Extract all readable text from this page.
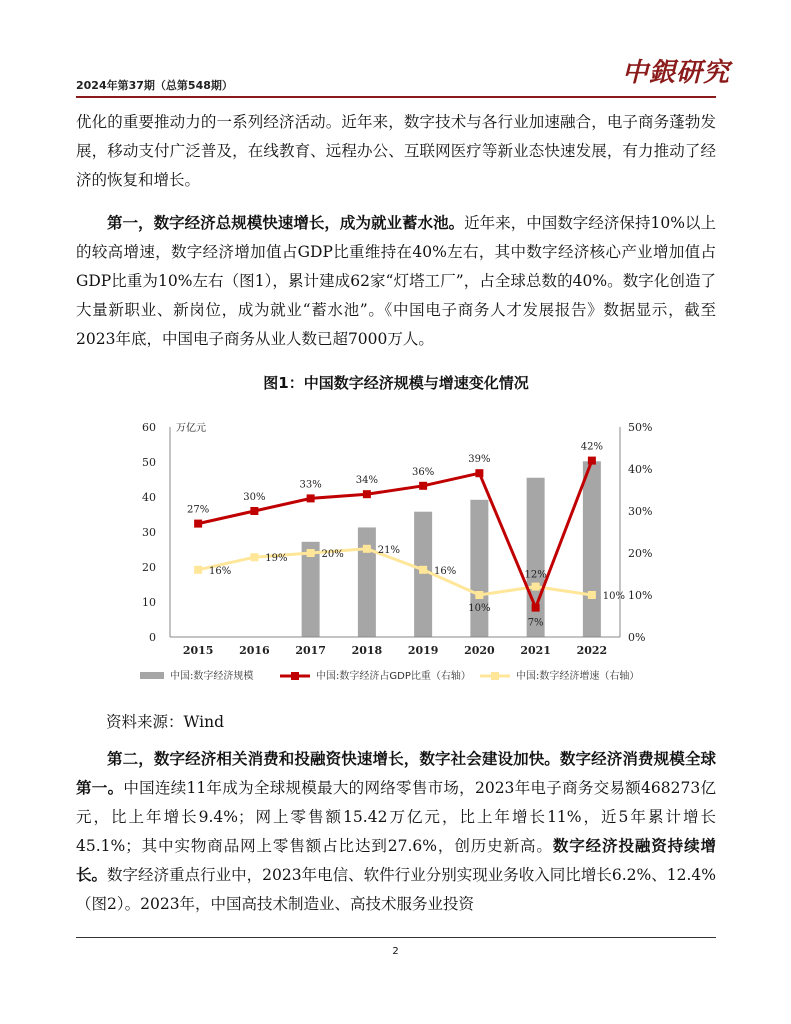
2024年第37期（总第548期）	中銀研究

优化的重要推动力的一系列经济活动。近年来，数字技术与各行业加速融合，电子商务蓬勃发展，移动支付广泛普及，在线教育、远程办公、互联网医疗等新业态快速发展，有力推动了经济的恢复和增长。

第一，数字经济总规模快速增长，成为就业蓄水池。近年来，中国数字经济保持10%以上的较高增速，数字经济增加值占GDP比重维持在40%左右，其中数字经济核心产业增加值占GDP比重为10%左右（图1），累计建成62家“灯塔工厂”，占全球总数的40%。数字化创造了大量新职业、新岗位，成为就业“蓄水池”。《中国电子商务人才发展报告》数据显示，截至2023年底，中国电子商务从业人数已超7000万人。

图1：中国数字经济规模与增速变化情况
16%
19%	20%	21%
16%
10%
12%
10%
27%
30%
33%	34%
36%
39%
7%
42%
0
10
20
30
40
50
60
0%
10%
20%
30%
40%
50%
万亿元
2015 2016 2017 2018 2019 2020 2021 2022
中国:数字经济规模	中国:数字经济占GDP比重（右轴）	中国:数字经济增速（右轴）
资料来源：Wind

第二，数字经济相关消费和投融资快速增长，数字社会建设加快。数字经济消费规模全球第一。中国连续11年成为全球规模最大的网络零售市场，2023年电子商务交易额468273亿元，比上年增长9.4%；网上零售额15.42万亿元，比上年增长11%，近5年累计增长45.1%；其中实物商品网上零售额占比达到27.6%，创历史新高。数字经济投融资持续增长。数字经济重点行业中，2023年电信、软件行业分别实现业务收入同比增长6.2%、12.4%（图2）。2023年，中国高技术制造业、高技术服务业投资

2
